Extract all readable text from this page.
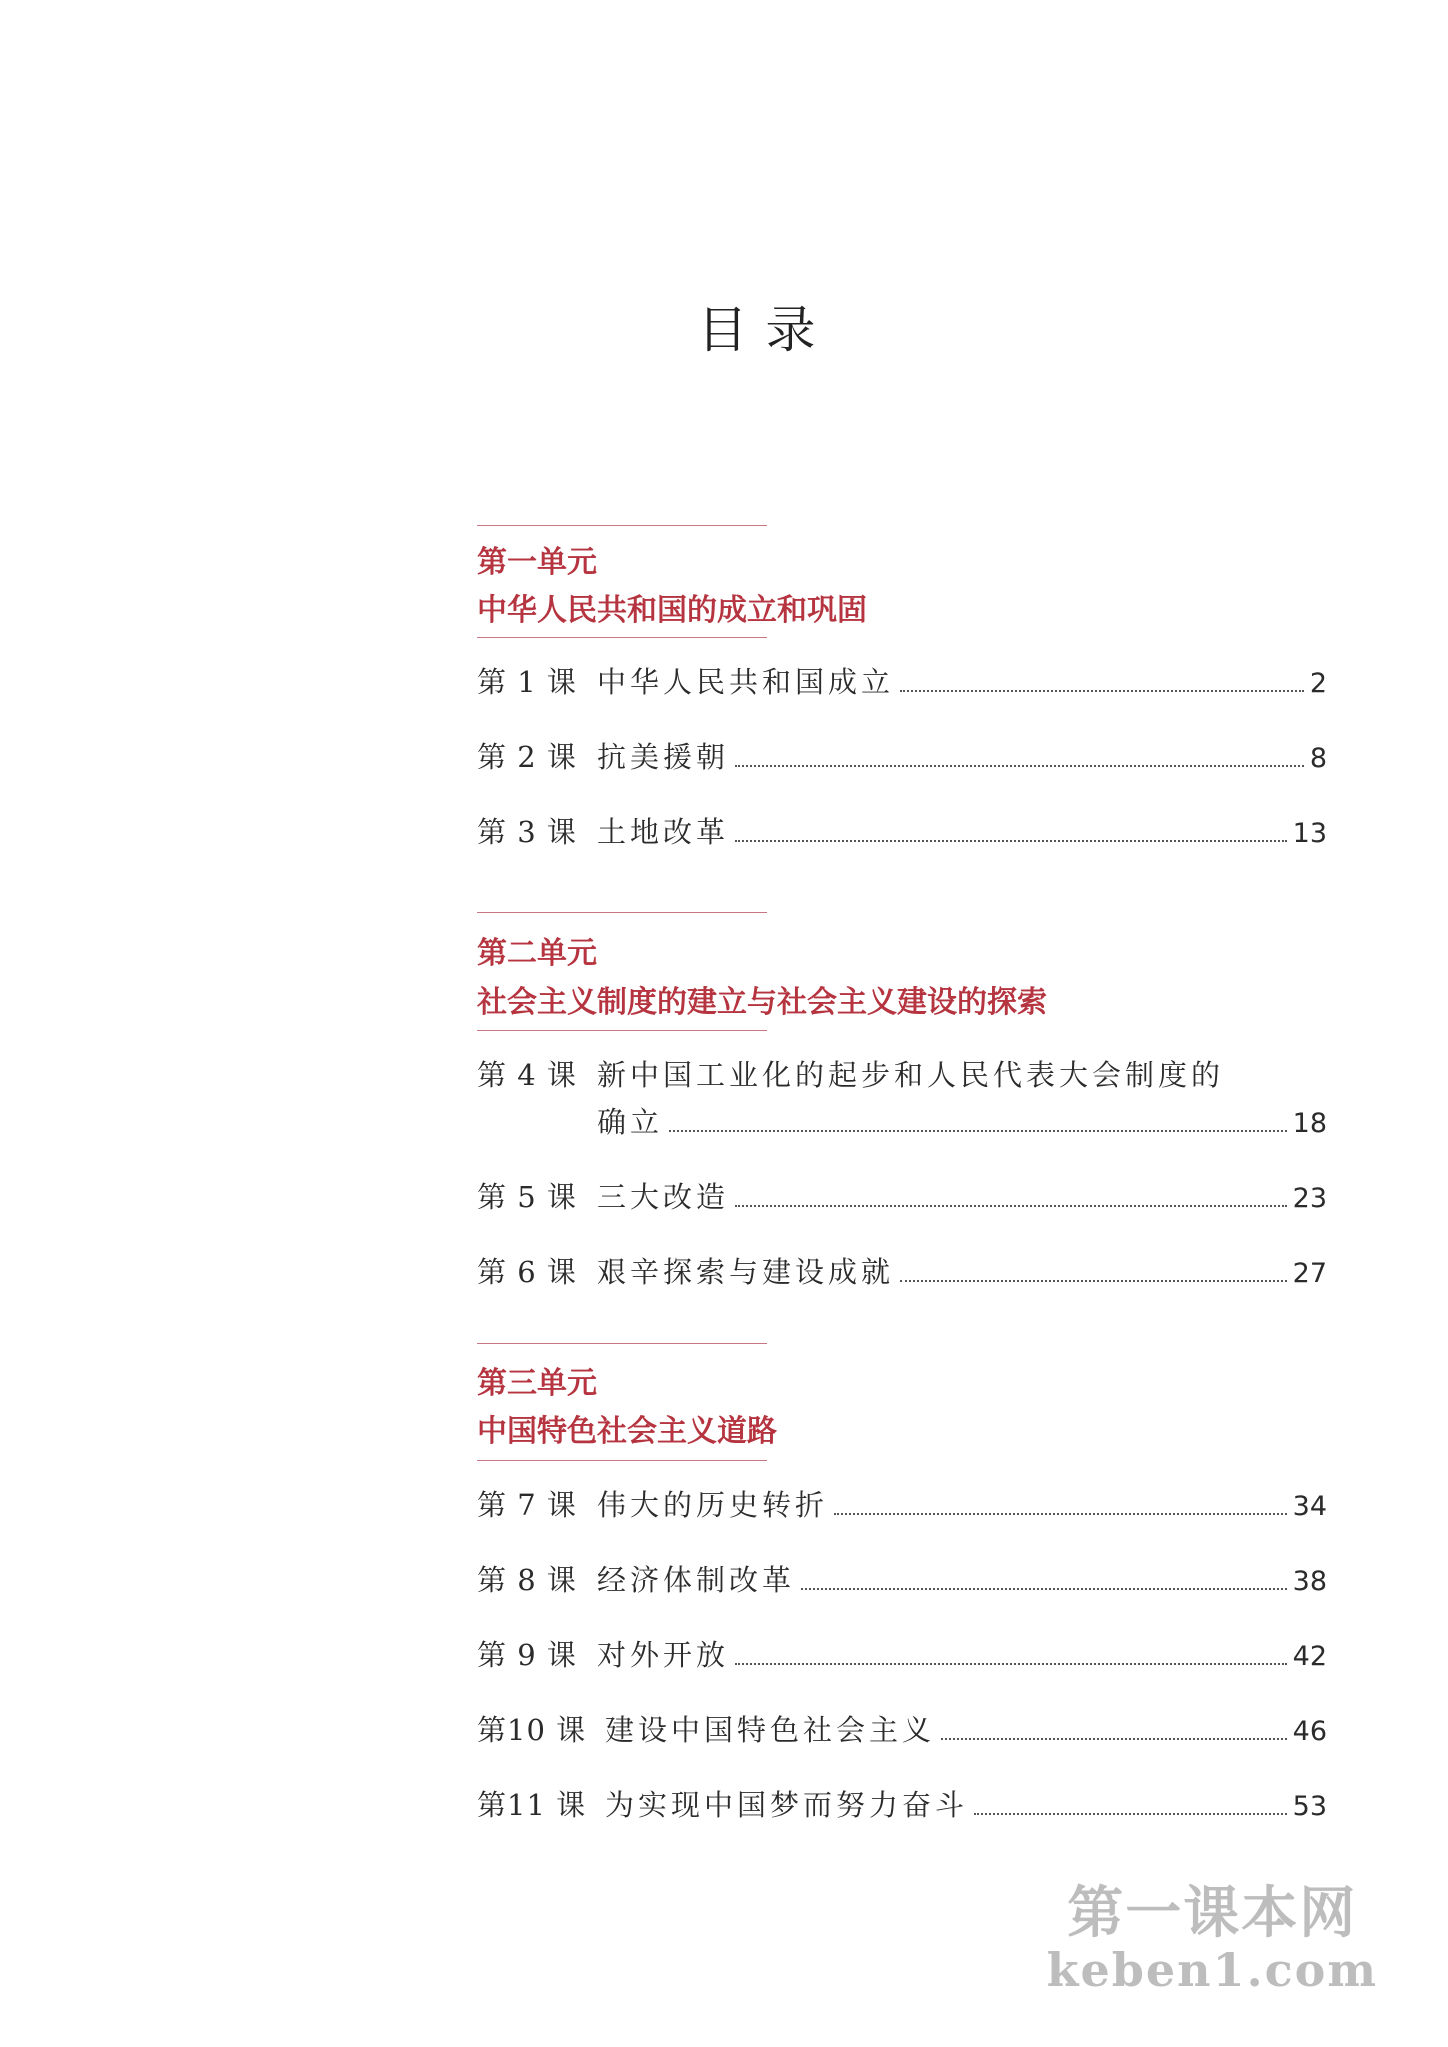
目录
第一单元
中华人民共和国的成立和巩固
第 1 课 中华人民共和国成立	2
第 2 课 抗美援朝	8
第 3 课 土地改革	13
第二单元
社会主义制度的建立与社会主义建设的探索
第 4 课 新中国工业化的起步和人民代表大会制度的
确立	18
第 5 课 三大改造	23
第 6 课 艰辛探索与建设成就	27
第三单元
中国特色社会主义道路
第 7 课 伟大的历史转折	34
第 8 课 经济体制改革	38
第 9 课 对外开放	42
第10 课 建设中国特色社会主义	46
第11 课 为实现中国梦而努力奋斗	53
第一课本网
keben1.com
